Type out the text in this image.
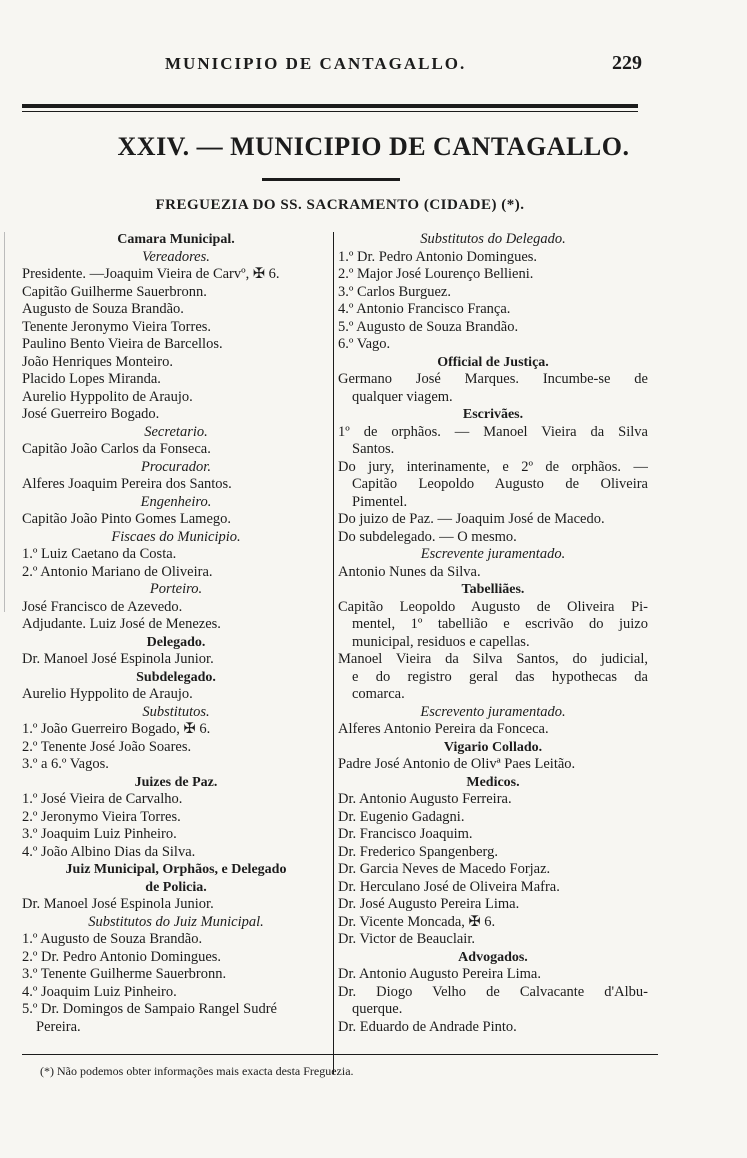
MUNICIPIO DE CANTAGALLO.	229
XXIV. — MUNICIPIO DE CANTAGALLO.
FREGUEZIA DO SS. SACRAMENTO (CIDADE) (*).
Camara Municipal.
Vereadores.
Presidente. —Joaquim Vieira de Carvº, ✠ 6.
Capitão Guilherme Sauerbronn.
Augusto de Souza Brandão.
Tenente Jeronymo Vieira Torres.
Paulino Bento Vieira de Barcellos.
João Henriques Monteiro.
Placido Lopes Miranda.
Aurelio Hyppolito de Araujo.
José Guerreiro Bogado.
Secretario.
Capitão João Carlos da Fonseca.
Procurador.
Alferes Joaquim Pereira dos Santos.
Engenheiro.
Capitão João Pinto Gomes Lamego.
Fiscaes do Municipio.
1.º Luiz Caetano da Costa.
2.º Antonio Mariano de Oliveira.
Porteiro.
José Francisco de Azevedo.
Adjudante. Luiz José de Menezes.
Delegado.
Dr. Manoel José Espinola Junior.
Subdelegado.
Aurelio Hyppolito de Araujo.
Substitutos.
1.º João Guerreiro Bogado, ✠ 6.
2.º Tenente José João Soares.
3.º a 6.º Vagos.
Juizes de Paz.
1.º José Vieira de Carvalho.
2.º Jeronymo Vieira Torres.
3.º Joaquim Luiz Pinheiro.
4.º João Albino Dias da Silva.
Juiz Municipal, Orphãos, e Delegado
de Policia.
Dr. Manoel José Espinola Junior.
Substitutos do Juiz Municipal.
1.º Augusto de Souza Brandão.
2.º Dr. Pedro Antonio Domingues.
3.º Tenente Guilherme Sauerbronn.
4.º Joaquim Luiz Pinheiro.
5.º Dr. Domingos de Sampaio Rangel Sudré
Pereira.
Substitutos do Delegado.
1.º Dr. Pedro Antonio Domingues.
2.º Major José Lourenço Bellieni.
3.º Carlos Burguez.
4.º Antonio Francisco França.
5.º Augusto de Souza Brandão.
6.º Vago.
Official de Justiça.
Germano José Marques. Incumbe-se de
qualquer viagem.
Escrivães.
1º de orphãos. — Manoel Vieira da Silva
Santos.
Do jury, interinamente, e 2º de orphãos. —
Capitão Leopoldo Augusto de Oliveira
Pimentel.
Do juizo de Paz. — Joaquim José de Macedo.
Do subdelegado. — O mesmo.
Escrevente juramentado.
Antonio Nunes da Silva.
Tabelliães.
Capitão Leopoldo Augusto de Oliveira Pi-
mentel, 1º tabellião e escrivão do juizo
municipal, residuos e capellas.
Manoel Vieira da Silva Santos, do judicial,
e do registro geral das hypothecas da
comarca.
Escrevento juramentado.
Alferes Antonio Pereira da Fonceca.
Vigario Collado.
Padre José Antonio de Olivª Paes Leitão.
Medicos.
Dr. Antonio Augusto Ferreira.
Dr. Eugenio Gadagni.
Dr. Francisco Joaquim.
Dr. Frederico Spangenberg.
Dr. Garcia Neves de Macedo Forjaz.
Dr. Herculano José de Oliveira Mafra.
Dr. José Augusto Pereira Lima.
Dr. Vicente Moncada, ✠ 6.
Dr. Victor de Beauclair.
Advogados.
Dr. Antonio Augusto Pereira Lima.
Dr. Diogo Velho de Calvacante d'Albu-
querque.
Dr. Eduardo de Andrade Pinto.
(*) Não podemos obter informações mais exacta desta Freguezia.
